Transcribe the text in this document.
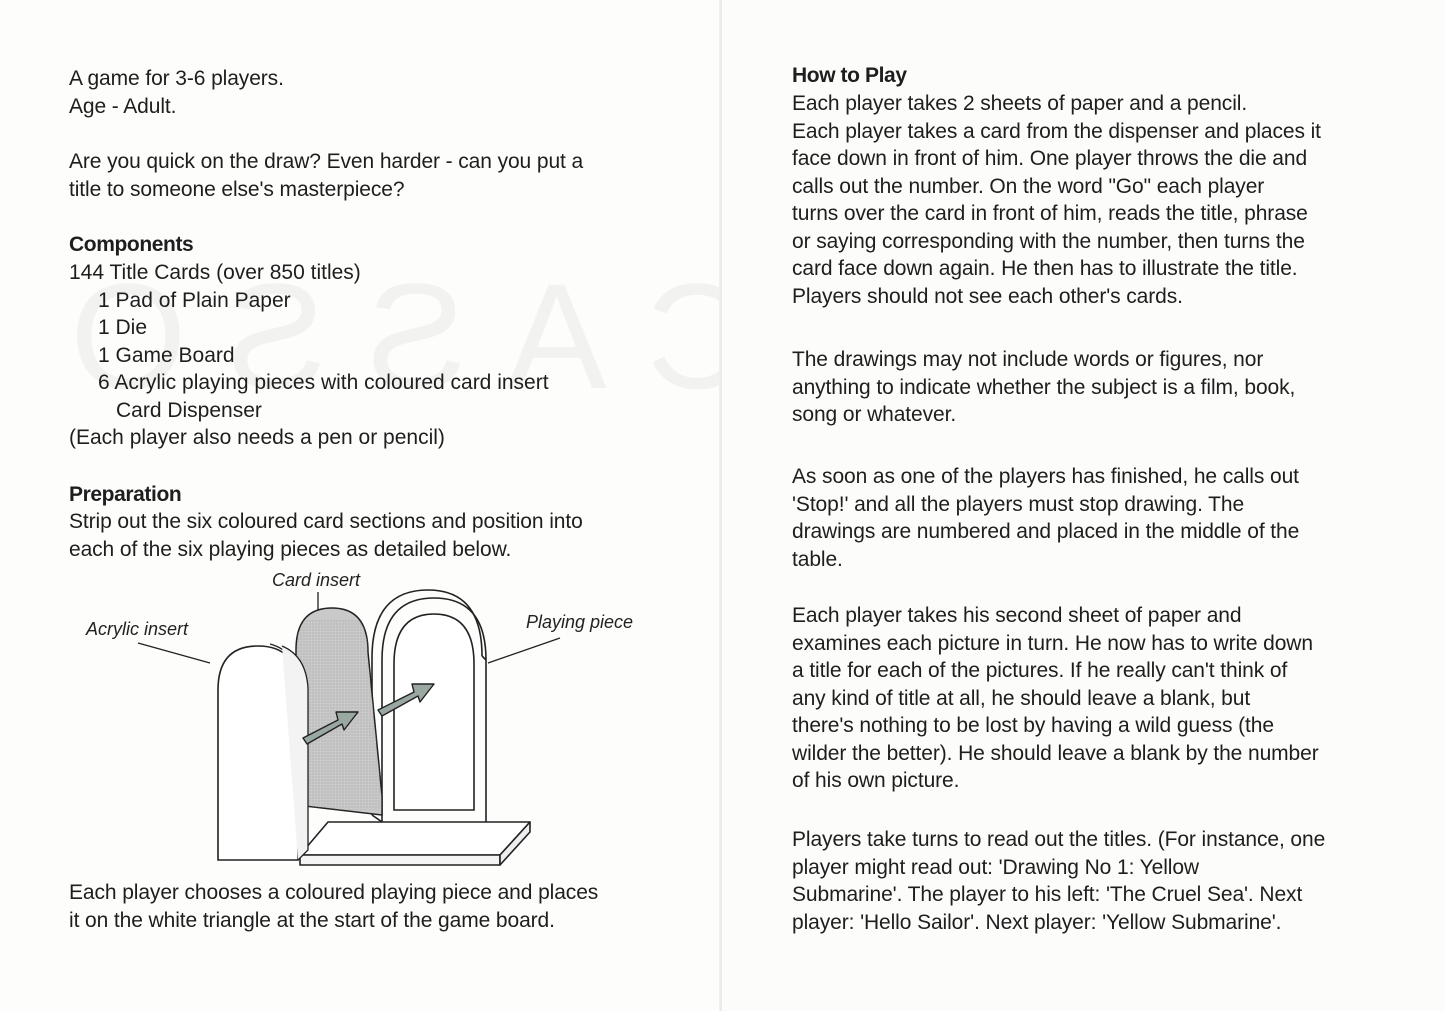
A game for 3-6 players.

Age - Adult.

Are you quick on the draw? Even harder - can you put a
title to someone else's masterpiece?

Components
144 Title Cards (over 850 titles)
1 Pad of Plain Paper
1 Die
1 Game Board
6 Acrylic playing pieces with coloured card insert
Card Dispenser
(Each player also needs a pen or pencil)
Preparation

Strip out the six coloured card sections and position into
each of the six playing pieces as detailed below.

Card insert
Acrylic insert	Playing piece

Each player chooses a coloured playing piece and places
it on the white triangle at the start of the game board.

How to Play

Each player takes 2 sheets of paper and a pencil.
Each player takes a card from the dispenser and places it
face down in front of him. One player throws the die and
calls out the number. On the word "Go" each player
turns over the card in front of him, reads the title, phrase
or saying corresponding with the number, then turns the
card face down again. He then has to illustrate the title.
Players should not see each other's cards.

The drawings may not include words or figures, nor
anything to indicate whether the subject is a film, book,
song or whatever.

As soon as one of the players has finished, he calls out
'Stop!' and all the players must stop drawing. The
drawings are numbered and placed in the middle of the
table.

Each player takes his second sheet of paper and
examines each picture in turn. He now has to write down
a title for each of the pictures. If he really can't think of
any kind of title at all, he should leave a blank, but
there's nothing to be lost by having a wild guess (the
wilder the better). He should leave a blank by the number
of his own picture.

Players take turns to read out the titles. (For instance, one
player might read out: 'Drawing No 1: Yellow
Submarine'. The player to his left: 'The Cruel Sea'. Next
player: 'Hello Sailor'. Next player: 'Yellow Submarine'.
